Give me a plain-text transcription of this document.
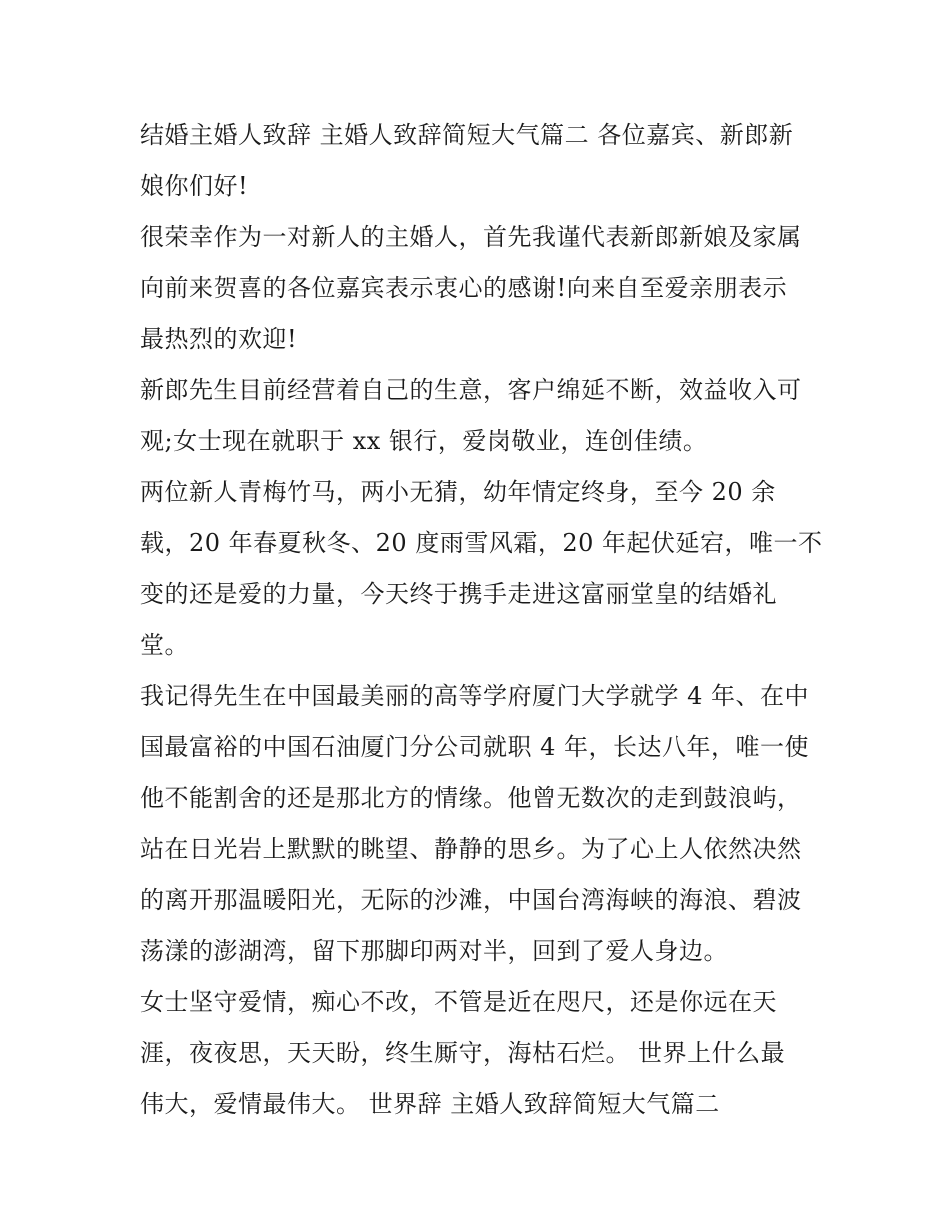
结婚主婚人致辞 主婚人致辞简短大气篇二 各位嘉宾、新郎新
娘你们好!
很荣幸作为一对新人的主婚人，首先我谨代表新郎新娘及家属
向前来贺喜的各位嘉宾表示衷心的感谢!向来自至爱亲朋表示
最热烈的欢迎!
新郎先生目前经营着自己的生意，客户绵延不断，效益收入可
观;女士现在就职于 xx 银行，爱岗敬业，连创佳绩。
两位新人青梅竹马，两小无猜，幼年情定终身，至今 20 余
载，20 年春夏秋冬、20 度雨雪风霜，20 年起伏延宕，唯一不
变的还是爱的力量，今天终于携手走进这富丽堂皇的结婚礼
堂。
我记得先生在中国最美丽的高等学府厦门大学就学 4 年、在中
国最富裕的中国石油厦门分公司就职 4 年，长达八年，唯一使
他不能割舍的还是那北方的情缘。他曾无数次的走到鼓浪屿，
站在日光岩上默默的眺望、静静的思乡。为了心上人依然决然
的离开那温暖阳光，无际的沙滩，中国台湾海峡的海浪、碧波
荡漾的澎湖湾，留下那脚印两对半，回到了爱人身边。
女士坚守爱情，痴心不改，不管是近在咫尺，还是你远在天
涯，夜夜思，天天盼，终生厮守，海枯石烂。 世界上什么最
伟大，爱情最伟大。 世界辞 主婚人致辞简短大气篇二
